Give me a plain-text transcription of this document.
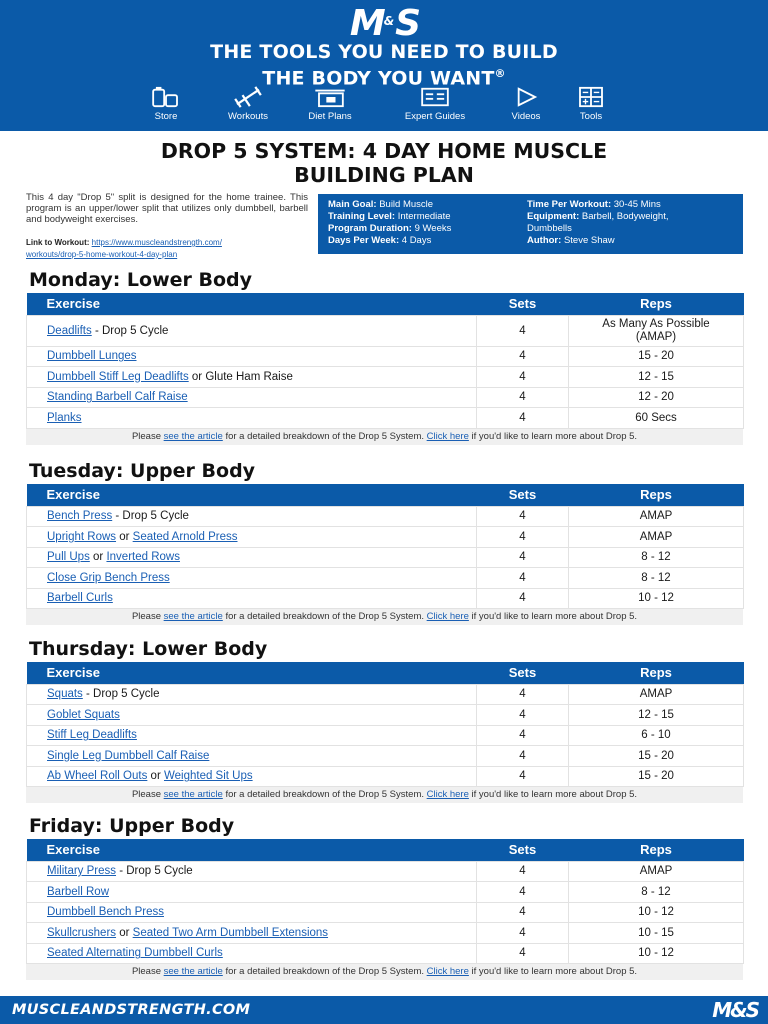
M & S
THE TOOLS YOU NEED TO BUILD
THE BODY YOU WANT®
Store	Workouts	Diet Plans	Expert Guides	Videos	Tools
DROP 5 SYSTEM: 4 DAY HOME MUSCLE
BUILDING PLAN

This 4 day "Drop 5" split is designed for the home trainee. This program is an upper/lower split that utilizes only dumbbell, barbell and bodyweight exercises.

Link to Workout: https://www.muscleandstrength.com/
workouts/drop-5-home-workout-4-day-plan
Main Goal: Build Muscle
Training Level: Intermediate
Program Duration: 9 Weeks
Days Per Week: 4 Days
Time Per Workout: 30-45 Mins
Equipment: Barbell, Bodyweight,
Dumbbells
Author: Steve Shaw
Monday: Lower Body
Exercise	Sets	Reps
Deadlifts - Drop 5 Cycle	4	As Many As Possible
(AMAP)

Dumbbell Lunges	4	15 - 20
Dumbbell Stiff Leg Deadlifts or Glute Ham Raise	4	12 - 15
Standing Barbell Calf Raise	4	12 - 20
Planks	4	60 Secs
Please see the article for a detailed breakdown of the Drop 5 System. Click here if you'd like to learn more about Drop 5.
Tuesday: Upper Body
Exercise	Sets	Reps
Bench Press - Drop 5 Cycle	4	AMAP
Upright Rows or Seated Arnold Press	4	AMAP
Pull Ups or Inverted Rows	4	8 - 12
Close Grip Bench Press	4	8 - 12
Barbell Curls	4	10 - 12
Please see the article for a detailed breakdown of the Drop 5 System. Click here if you'd like to learn more about Drop 5.
Thursday: Lower Body
Exercise	Sets	Reps
Squats - Drop 5 Cycle	4	AMAP
Goblet Squats	4	12 - 15
Stiff Leg Deadlifts	4	6 - 10
Single Leg Dumbbell Calf Raise	4	15 - 20
Ab Wheel Roll Outs or Weighted Sit Ups	4	15 - 20
Please see the article for a detailed breakdown of the Drop 5 System. Click here if you'd like to learn more about Drop 5.
Friday: Upper Body
Exercise	Sets	Reps
Military Press - Drop 5 Cycle	4	AMAP
Barbell Row	4	8 - 12
Dumbbell Bench Press	4	10 - 12
Skullcrushers or Seated Two Arm Dumbbell Extensions	4	10 - 15
Seated Alternating Dumbbell Curls	4	10 - 12
Please see the article for a detailed breakdown of the Drop 5 System. Click here if you'd like to learn more about Drop 5.
MUSCLEANDSTRENGTH.COM	M&S
